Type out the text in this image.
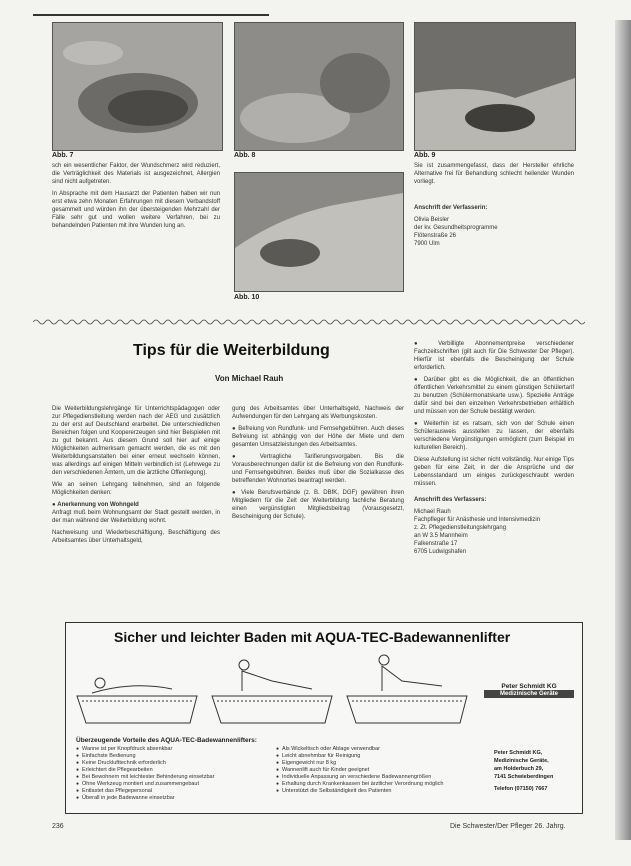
Abb. 7	Abb. 8	Abb. 9

sch ein wesentlicher Faktor, der Wundschmerz wird reduziert, die Verträglichkeit des Materials ist ausgezeichnet, Allergien sind nicht aufgetreten.

In Absprache mit dem Hausarzt der Patienten haben wir nun erst etwa zehn Monaten Erfahrungen mit diesem Verbandstoff gesammelt und würden ihn der übersteigenden Mehrzahl der Fälle sehr gut und wollen weitere Verfahren, bei zu behandelnden Patienten mit ihre Wunden lung an.

Abb. 10

Sie ist zusammengefasst, dass der Hersteller ehrliche Alternative frei für Behandlung schlecht heilender Wunden vorliegt.

Anschrift der Verfasserin:

Olivia Beisler
der kv. Gesundheitsprogramme
Flötenstraße 26
7900 Ulm
Tips für die Weiterbildung
Von Michael Rauh

Die Weiterbildungslehrgänge für Unterrichtspädagogen oder zur Pflegedienstleitung werden nach der AEG und zusätzlich zu der erst auf Deutschland erarbeitet. Die unterschiedlichen Bereichen folgen und Koopererzeugen sind hier Beispielen mit zu gut bekannt. Aus diesem Grund soll hier auf einige Möglichkeiten aufmerksam gemacht werden, die es mit den Weiterbildungsanstalten bei einer erneut wechseln können, was allerdings auf einigen Mitteln verbindlich ist (Lehrwege zu den verschiedenen Ämtern, um die ärztliche Offenlegung).

Wie an seinen Lehrgang teilnehmen, sind an folgende Möglichkeiten denken:

● Anerkennung von Wohngeld

Anfragt muß beim Wohnungsamt der Stadt gestellt werden, in der man während der Weiterbildung wohnt.

Nachweisung und Wiederbeschäftigung, Beschäftigung des Arbeitsamtes über Unterhaltsgeld,

gung des Arbeitsamtes über Unterhaltsgeld, Nachweis der Aufwendungen für den Lehrgang als Werbungskosten.

● Befreiung von Rundfunk- und Fernsehgebühren. Auch dieses Befreiung ist abhängig von der Höhe der Miete und dem gesamten Umsatzleistungen des Arbeitsamtes.

● Vertragliche Tarifierungsvorgaben. Bis die Vorausberechnungen dafür ist die Befreiung von den Rundfunk- und Fernsehgebühren. Beides muß über die Sozialkasse des betreffenden Wohnortes beantragt werden.

● Viele Berufsverbände (z. B. DBfK, DGF) gewähren ihren Mitgliedern für die Zeit der Weiterbildung fachliche Beratung einen vergünstigten Mitgliedsbeitrag (Vorausgesetzt, Bescheinigung der Schule).

● Verbilligte Abonnementpreise verschiedener Fachzeitschriften (gilt auch für Die Schwester Der Pfleger). Hierfür ist ebenfalls die Bescheinigung der Schule erforderlich.

● Darüber gibt es die Möglichkeit, die an öffentlichen öffentlichen Verkehrsmittel zu einem günstigen Schülertarif zu benutzen (Schülermonatskarte usw.). Spezielle Anträge dafür sind bei den einzelnen Verkehrsbetrieben erhältlich und müssen von der Schule bestätigt werden.

● Weiterhin ist es ratsam, sich von der Schule einen Schülerausweis ausstellen zu lassen, der ebenfalls verschiedene Vergünstigungen ermöglicht (zum Beispiel im kulturellen Bereich).

Diese Aufstellung ist sicher nicht vollständig. Nur einige Tips geben für eine Zeit, in der die Ansprüche und der Lebensstandard um einiges zurückgeschraubt werden müssen.

Anschrift des Verfassers:

Michael Rauh
Fachpfleger für Anästhesie und Intensivmedizin
z. Zt. Pflegedienstleitungslehrgang
an W 3.5 Mannheim
Falkenstraße 17
6705 Ludwigshafen
Sicher und leichter Baden mit AQUA-TEC-Badewannenlifter
Peter Schmidt KG
Medizinische Geräte
Überzeugende Vorteile des AQUA-TEC-Badewannenlifters:
● Wanne ist per Knopfdruck absenkbar
● Einfachste Bedienung
● Keine Drucklufttechnik erforderlich
● Erleichtert die Pflegearbeiten
● Bei Bewohnern mit leichtester Behinderung einsetzbar
● Ohne Werkzeug montiert und zusammengebaut
● Entlastet das Pflegepersonal
● Überall in jede Badewanne einsetzbar
● Als Wickeltisch oder Ablage verwendbar
● Leicht abnehmbar für Reinigung
● Eigengewicht nur 8 kg
● Wannenlift auch für Kinder geeignet
● Individuelle Anpassung an verschiedene Badewannengrößen
● Erhaltung durch Krankenkassen bei ärztlicher Verordnung möglich
● Unterstützt die Selbständigkeit des Patienten
Peter Schmidt KG,
Medizinische Geräte,
am Holderbuch 29,
7141 Schwieberdingen
Telefon (07150) 7667
236	Die Schwester/Der Pfleger 26. Jahrg.
